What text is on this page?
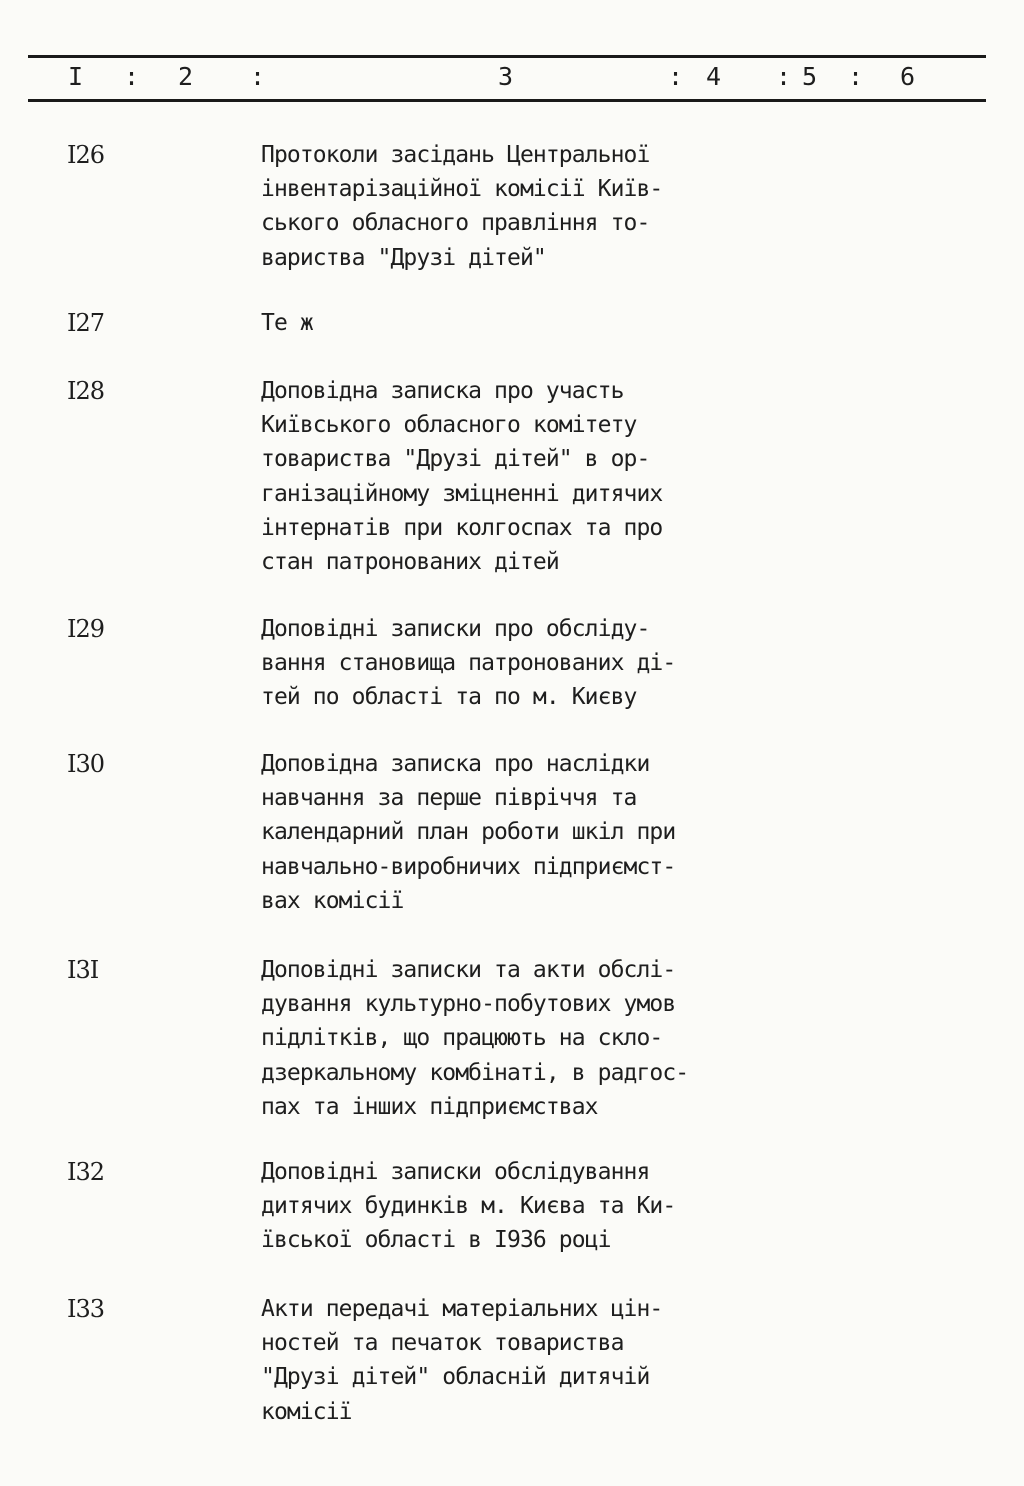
I : 2 :	3	: 4 : 5 : 6
I26	Протоколи засідань Центральної
інвентарізаційної комісії Київ-
ського обласного правління то-
вариства "Друзі дітей"
I27	Те ж
I28	Доповідна записка про участь
Київського обласного комітету
товариства "Друзі дітей" в ор-
ганізаційному зміцненні дитячих
інтернатів при колгоспах та про
стан патронованих дітей
I29	Доповідні записки про обсліду-
вання становища патронованих ді-
тей по області та по м. Києву
I30	Доповідна записка про наслідки
навчання за перше півріччя та
календарний план роботи шкіл при
навчально-виробничих підприємст-
вах комісії
I3I	Доповідні записки та акти обслі-
дування культурно-побутових умов
підлітків, що працюють на скло-
дзеркальному комбінаті, в радгос-
пах та інших підприємствах
I32	Доповідні записки обслідування
дитячих будинків м. Києва та Ки-
ївської області в I936 році
I33	Акти передачі матеріальних цін-
ностей та печаток товариства
"Друзі дітей" обласній дитячій
комісії
